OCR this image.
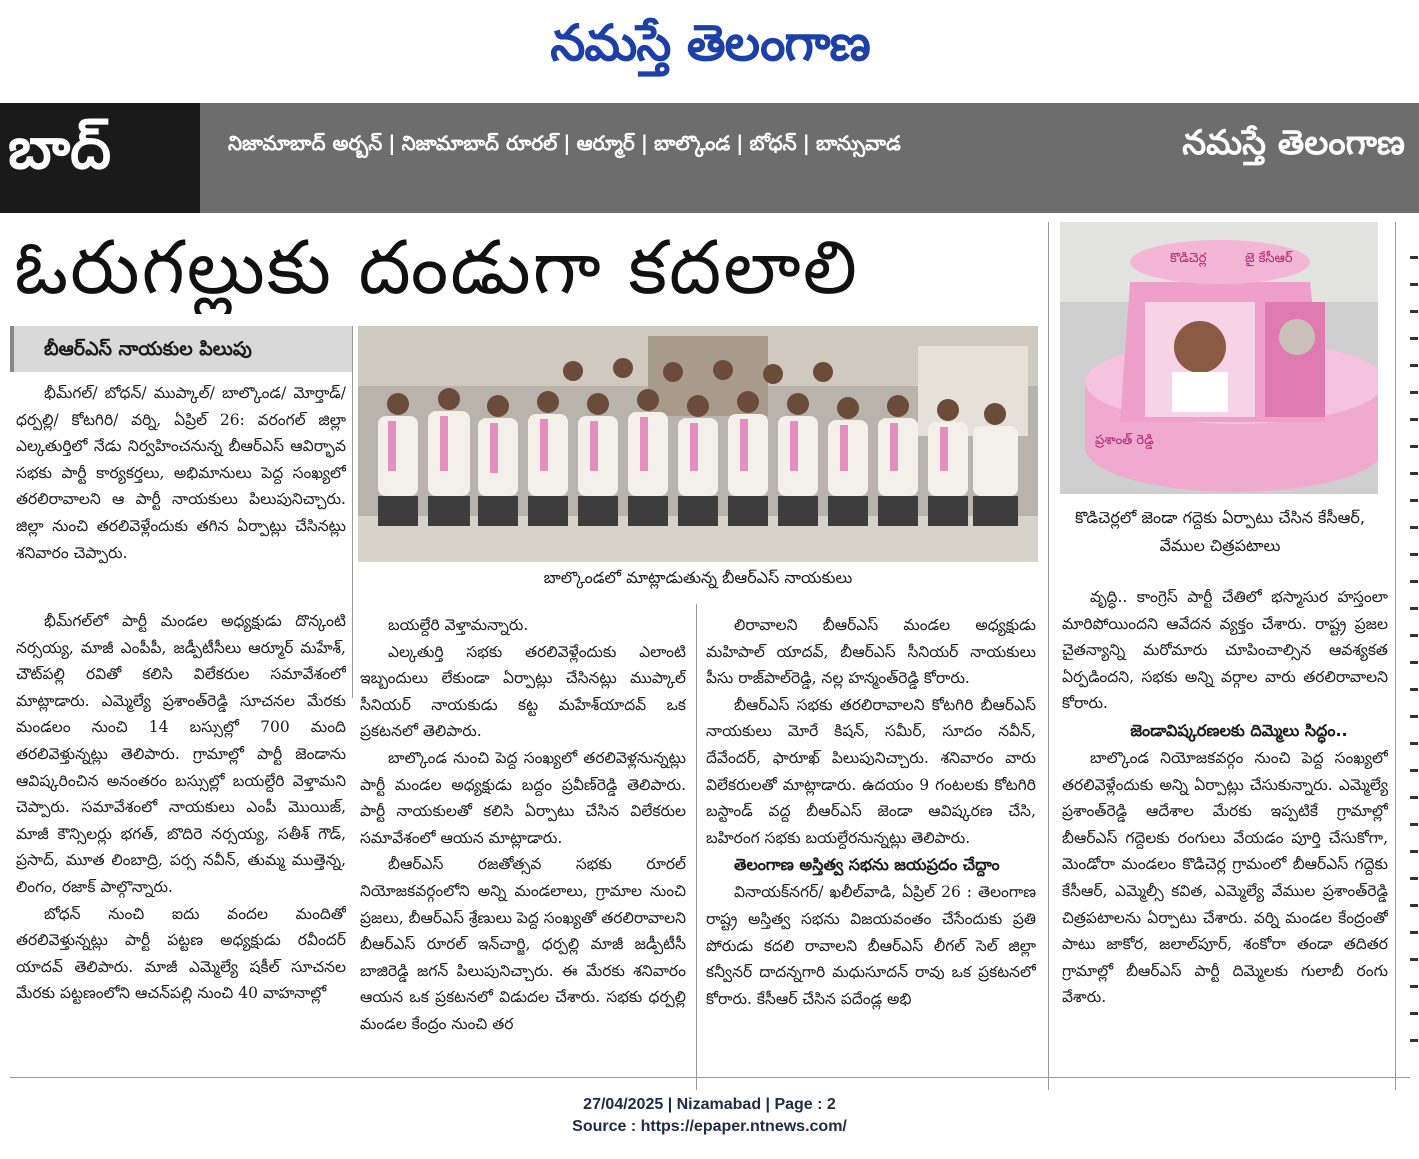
నమస్తే తెలంగాణ
బాద్	నిజామాబాద్ అర్బన్ | నిజామాబాద్ రూరల్ | ఆర్మూర్ | బాల్కొండ | బోధన్ | బాన్సువాడ	నమస్తే తెలంగాణ
ఓరుగల్లుకు దండుగా కదలాలి
బీఆర్ఎస్ నాయకుల పిలుపు
బాల్కొండలో మాట్లాడుతున్న బీఆర్ఎస్ నాయకులు
కొడిచెర్ల	జై కేసీఆర్
ప్రశాంత్ రెడ్డి
కొడిచెర్లలో జెండా గద్దెకు ఏర్పాటు చేసిన కేసీఆర్, వేముల చిత్రపటాలు

భీమ్‌గల్/ బోధన్/ ముప్కాల్/ బాల్కొండ/ మోర్తాడ్/ ధర్పల్లి/ కోటగిరి/ వర్ని, ఏప్రిల్ 26: వరంగల్ జిల్లా ఎల్కతుర్తిలో నేడు నిర్వహించనున్న బీఆర్ఎస్ ఆవిర్భావ సభకు పార్టీ కార్యకర్తలు, అభిమానులు పెద్ద సంఖ్యలో తరలిరావాలని ఆ పార్టీ నాయకులు పిలుపునిచ్చారు. జిల్లా నుంచి తరలివెళ్లేందుకు తగిన ఏర్పాట్లు చేసినట్లు శనివారం చెప్పారు.

భీమ్‌గల్‌లో పార్టీ మండల అధ్యక్షుడు దొన్కంటి నర్సయ్య, మాజీ ఎంపీపీ, జడ్పీటీసీలు ఆర్మూర్ మహేశ్, చౌట్‌పల్లి రవితో కలిసి విలేకరుల సమావేశంలో మాట్లాడారు. ఎమ్మెల్యే ప్రశాంత్‌రెడ్డి సూచనల మేరకు మండలం నుంచి 14 బస్సుల్లో 700 మంది తరలివెళ్తున్నట్లు తెలిపారు. గ్రామాల్లో పార్టీ జెండాను ఆవిష్కరించిన అనంతరం బస్సుల్లో బయల్దేరి వెళ్తామని చెప్పారు. సమావేశంలో నాయకులు ఎంపీ మొయిజ్, మాజీ కౌన్సిలర్లు భగత్, బొదిరె నర్సయ్య, సతీశ్ గౌడ్, ప్రసాద్, మూత లింబాద్రి, పర్స నవీన్, తుమ్మ ముత్తెన్న, లింగం, రజాక్ పాల్గొన్నారు.

బోధన్ నుంచి ఐదు వందల మందితో తరలివెళ్తున్నట్లు పార్టీ పట్టణ అధ్యక్షుడు రవీందర్ యాదవ్ తెలిపారు. మాజీ ఎమ్మెల్యే షకీల్ సూచనల మేరకు పట్టణంలోని ఆచన్‌పల్లి నుంచి 40 వాహనాల్లో

బయల్దేరి వెళ్తామన్నారు.

ఎల్కతుర్తి సభకు తరలివెళ్లేందుకు ఎలాంటి ఇబ్బందులు లేకుండా ఏర్పాట్లు చేసినట్లు ముప్కాల్ సీనియర్ నాయకుడు కట్ట మహేశ్‌యాదవ్ ఒక ప్రకటనలో తెలిపారు.

బాల్కొండ నుంచి పెద్ద సంఖ్యలో తరలివెళ్లనున్నట్లు పార్టీ మండల అధ్యక్షుడు బద్దం ప్రవీణ్‌రెడ్డి తెలిపారు. పార్టీ నాయకులతో కలిసి ఏర్పాటు చేసిన విలేకరుల సమావేశంలో ఆయన మాట్లాడారు.

బీఆర్ఎస్ రజతోత్సవ సభకు రూరల్ నియోజకవర్గంలోని అన్ని మండలాలు, గ్రామాల నుంచి ప్రజలు, బీఆర్ఎస్ శ్రేణులు పెద్ద సంఖ్యతో తరలిరావాలని బీఆర్ఎస్ రూరల్ ఇన్‌చార్జి, ధర్పల్లి మాజీ జడ్పీటీసీ బాజిరెడ్డి జగన్ పిలుపునిచ్చారు. ఈ మేరకు శనివారం ఆయన ఒక ప్రకటనలో విడుదల చేశారు. సభకు ధర్పల్లి మండల కేంద్రం నుంచి తర

లిరావాలని బీఆర్ఎస్ మండల అధ్యక్షుడు మహిపాల్ యాదవ్, బీఆర్ఎస్ సీనియర్ నాయకులు పీసు రాజ్‌పాల్‌రెడ్డి, నల్ల హన్మంత్‌రెడ్డి కోరారు.

బీఆర్ఎస్ సభకు తరలిరావాలని కోటగిరి బీఆర్ఎస్ నాయకులు మోరే కిషన్, సమీర్, సూదం నవీన్, దేవేందర్, ఫారూఖ్ పిలుపునిచ్చారు. శనివారం వారు విలేకరులతో మాట్లాడారు. ఉదయం 9 గంటలకు కోటగిరి బస్టాండ్ వద్ద బీఆర్ఎస్ జెండా ఆవిష్కరణ చేసి, బహిరంగ సభకు బయల్దేరనున్నట్లు తెలిపారు.

తెలంగాణ అస్తిత్వ సభను జయప్రదం చేద్దాం

వినాయక్‌నగర్/ ఖలీల్‌వాడి, ఏప్రిల్ 26 : తెలంగాణ రాష్ట్ర అస్తిత్వ సభను విజయవంతం చేసేందుకు ప్రతి పోరుడు కదలి రావాలని బీఆర్ఎస్ లీగల్ సెల్ జిల్లా కన్వీనర్ దాదన్నగారి మధుసూదన్ రావు ఒక ప్రకటనలో కోరారు. కేసీఆర్ చేసిన పదేండ్ల అభి

వృద్ధి.. కాంగ్రెస్ పార్టీ చేతిలో భస్మాసుర హస్తంలా మారిపోయిందని ఆవేదన వ్యక్తం చేశారు. రాష్ట్ర ప్రజల చైతన్యాన్ని మరోమారు చూపించాల్సిన ఆవశ్యకత ఏర్పడిందని, సభకు అన్ని వర్గాల వారు తరలిరావాలని కోరారు.

జెండావిష్కరణలకు దిమ్మెలు సిద్ధం..

బాల్కొండ నియోజకవర్గం నుంచి పెద్ద సంఖ్యలో తరలివెళ్లేందుకు అన్ని ఏర్పాట్లు చేసుకున్నారు. ఎమ్మెల్యే ప్రశాంత్‌రెడ్డి ఆదేశాల మేరకు ఇప్పటికే గ్రామాల్లో బీఆర్ఎస్ గద్దెలకు రంగులు వేయడం పూర్తి చేసుకోగా, మెండోరా మండలం కొడిచెర్ల గ్రామంలో బీఆర్ఎస్ గద్దెకు కేసీఆర్, ఎమ్మెల్సీ కవిత, ఎమ్మెల్యే వేముల ప్రశాంత్‌రెడ్డి చిత్రపటాలను ఏర్పాటు చేశారు. వర్ని మండల కేంద్రంతో పాటు జాకోర, జలాల్‌పూర్, శంకోరా తండా తదితర గ్రామాల్లో బీఆర్ఎస్ పార్టీ దిమ్మెలకు గులాబీ రంగు వేశారు.

27/04/2025 | Nizamabad | Page : 2
Source : https://epaper.ntnews.com/
